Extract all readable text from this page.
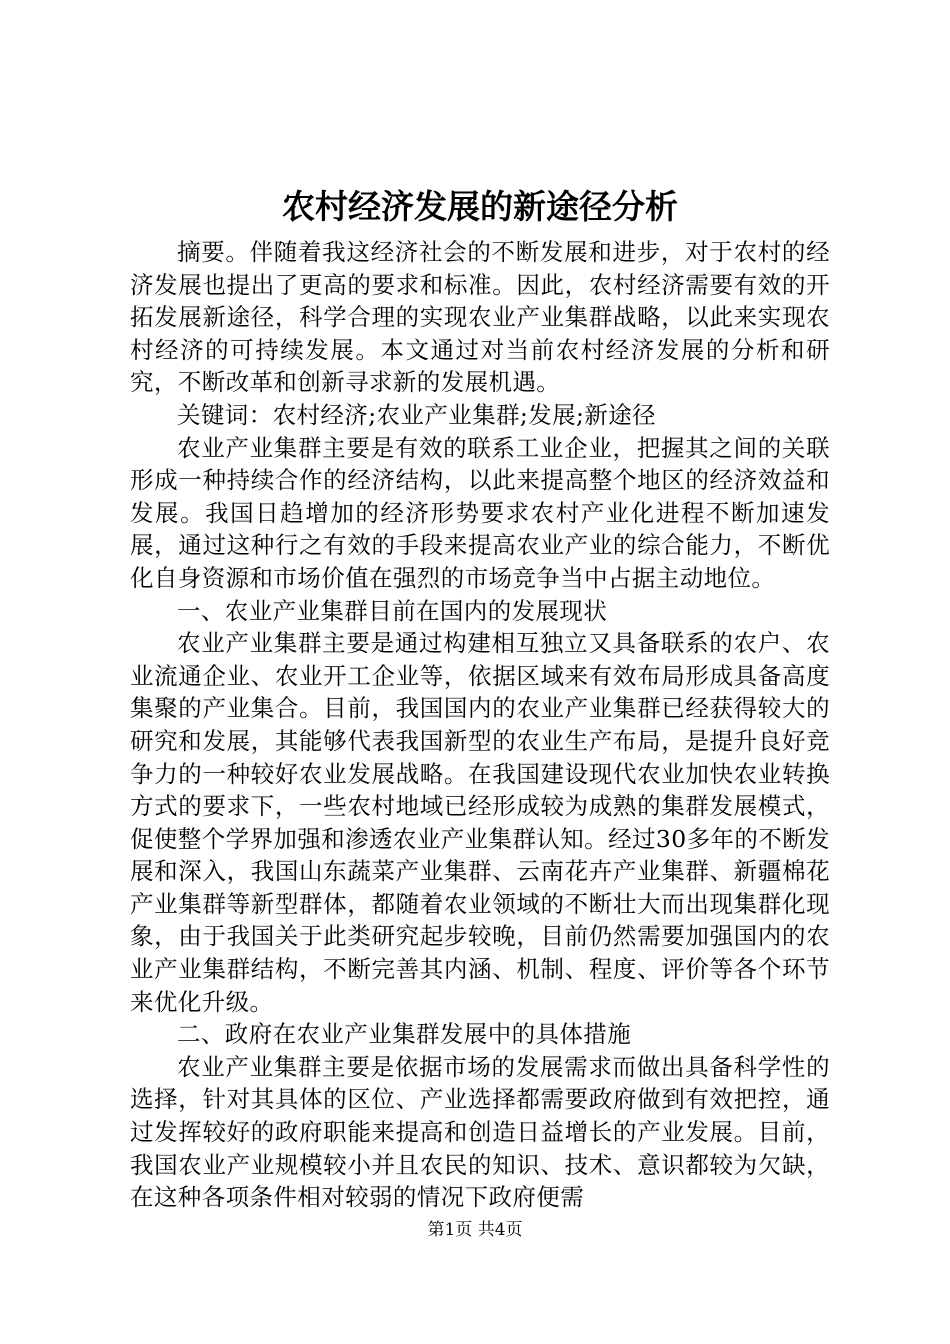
农村经济发展的新途径分析

摘要。伴随着我这经济社会的不断发展和进步，对于农村的经济发展也提出了更高的要求和标准。因此，农村经济需要有效的开拓发展新途径，科学合理的实现农业产业集群战略，以此来实现农村经济的可持续发展。本文通过对当前农村经济发展的分析和研究，不断改革和创新寻求新的发展机遇。

关键词：农村经济;农业产业集群;发展;新途径

农业产业集群主要是有效的联系工业企业，把握其之间的关联形成一种持续合作的经济结构，以此来提高整个地区的经济效益和发展。我国日趋增加的经济形势要求农村产业化进程不断加速发展，通过这种行之有效的手段来提高农业产业的综合能力，不断优化自身资源和市场价值在强烈的市场竞争当中占据主动地位。

一、农业产业集群目前在国内的发展现状

农业产业集群主要是通过构建相互独立又具备联系的农户、农业流通企业、农业开工企业等，依据区域来有效布局形成具备高度集聚的产业集合。目前，我国国内的农业产业集群已经获得较大的研究和发展，其能够代表我国新型的农业生产布局，是提升良好竞争力的一种较好农业发展战略。在我国建设现代农业加快农业转换方式的要求下，一些农村地域已经形成较为成熟的集群发展模式，促使整个学界加强和渗透农业产业集群认知。经过30多年的不断发展和深入，我国山东蔬菜产业集群、云南花卉产业集群、新疆棉花产业集群等新型群体，都随着农业领域的不断壮大而出现集群化现象，由于我国关于此类研究起步较晚，目前仍然需要加强国内的农业产业集群结构，不断完善其内涵、机制、程度、评价等各个环节来优化升级。

二、政府在农业产业集群发展中的具体措施

农业产业集群主要是依据市场的发展需求而做出具备科学性的选择，针对其具体的区位、产业选择都需要政府做到有效把控，通过发挥较好的政府职能来提高和创造日益增长的产业发展。目前，我国农业产业规模较小并且农民的知识、技术、意识都较为欠缺，在这种各项条件相对较弱的情况下政府便需

第1页 共4页
